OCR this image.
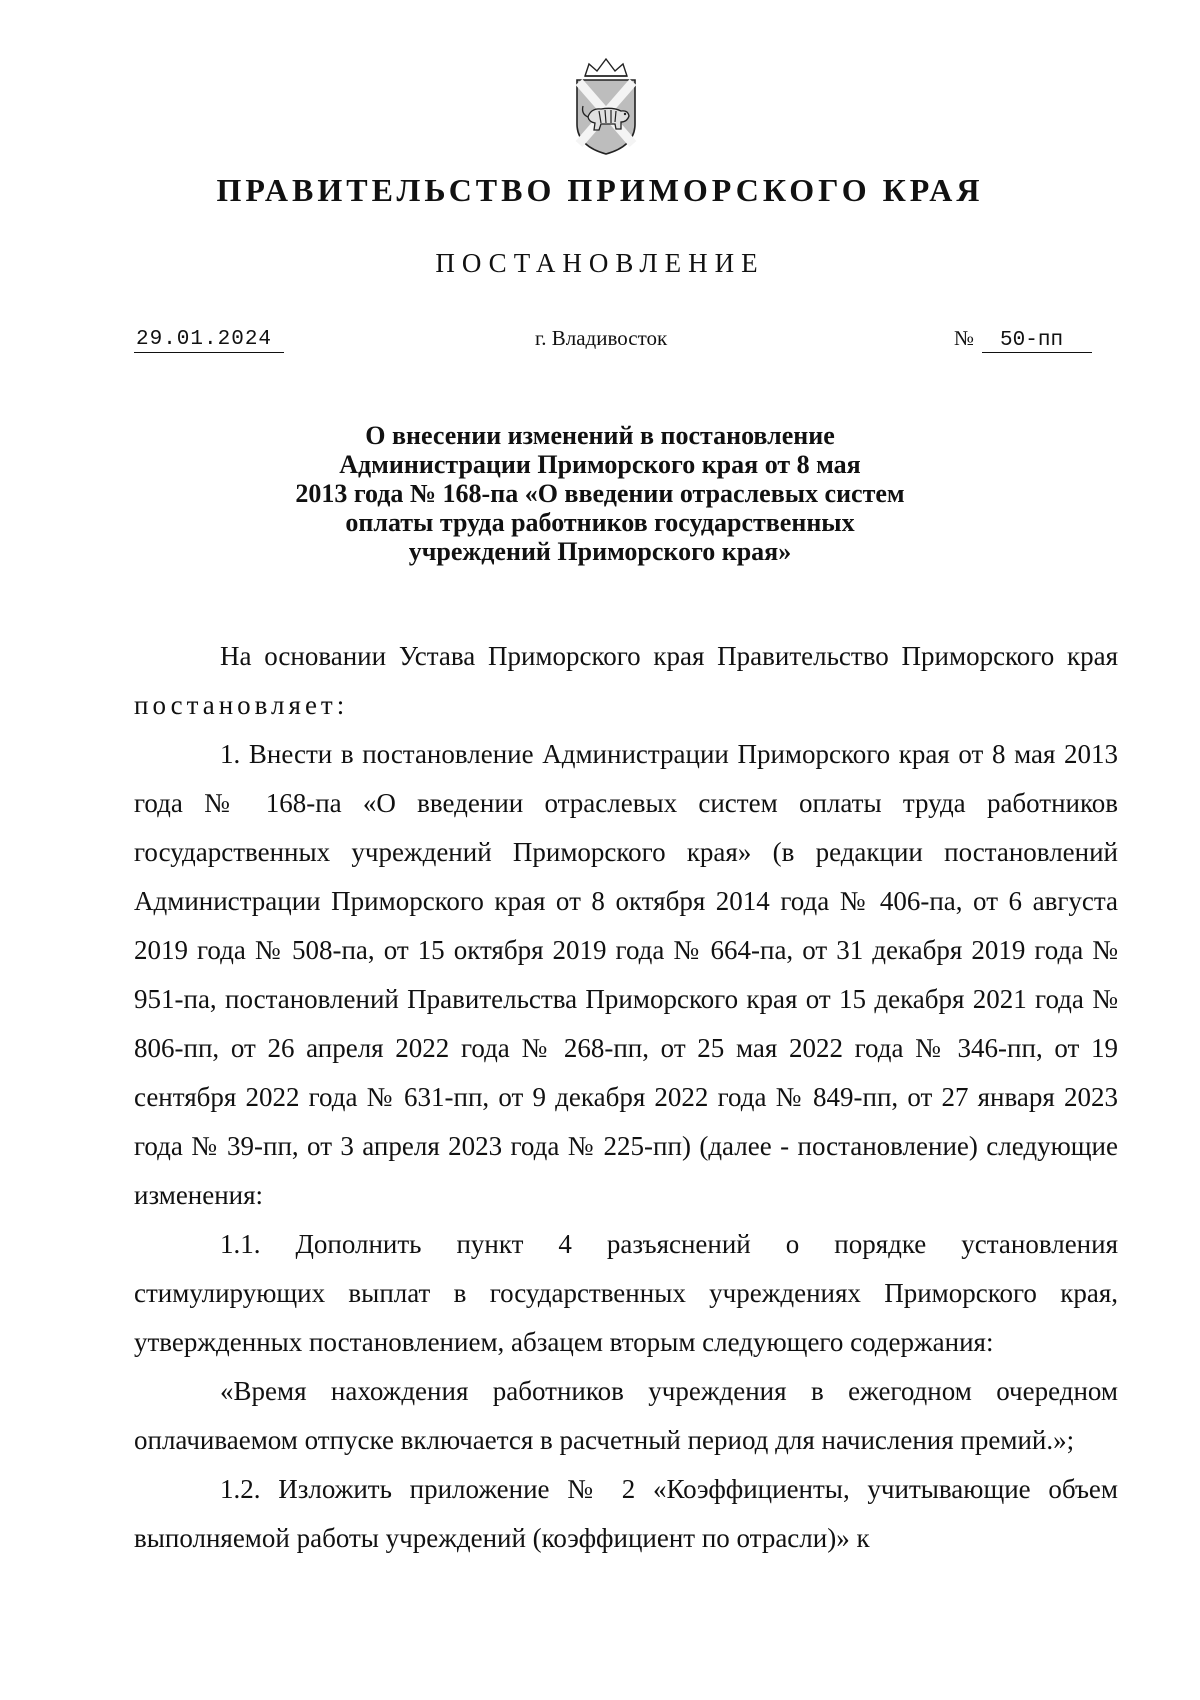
ПРАВИТЕЛЬСТВО ПРИМОРСКОГО КРАЯ
ПОСТАНОВЛЕНИЕ
29.01.2024	г. Владивосток	№ 50-пп
О внесении изменений в постановление
Администрации Приморского края от 8 мая
2013 года № 168-па «О введении отраслевых систем
оплаты труда работников государственных
учреждений Приморского края»

На основании Устава Приморского края Правительство Приморского края постановляет:

1. Внести в постановление Администрации Приморского края от 8 мая 2013 года № 168-па «О введении отраслевых систем оплаты труда работников государственных учреждений Приморского края» (в редакции постановлений Администрации Приморского края от 8 октября 2014 года № 406-па, от 6 августа 2019 года № 508-па, от 15 октября 2019 года № 664-па, от 31 декабря 2019 года № 951-па, постановлений Правительства Приморского края от 15 декабря 2021 года № 806-пп, от 26 апреля 2022 года № 268-пп, от 25 мая 2022 года № 346-пп, от 19 сентября 2022 года № 631-пп, от 9 декабря 2022 года № 849-пп, от 27 января 2023 года № 39-пп, от 3 апреля 2023 года № 225-пп) (далее - постановление) следующие изменения:

1.1. Дополнить пункт 4 разъяснений о порядке установления стимулирующих выплат в государственных учреждениях Приморского края, утвержденных постановлением, абзацем вторым следующего содержания:

«Время нахождения работников учреждения в ежегодном очередном оплачиваемом отпуске включается в расчетный период для начисления премий.»;

1.2. Изложить приложение № 2 «Коэффициенты, учитывающие объем выполняемой работы учреждений (коэффициент по отрасли)» к
